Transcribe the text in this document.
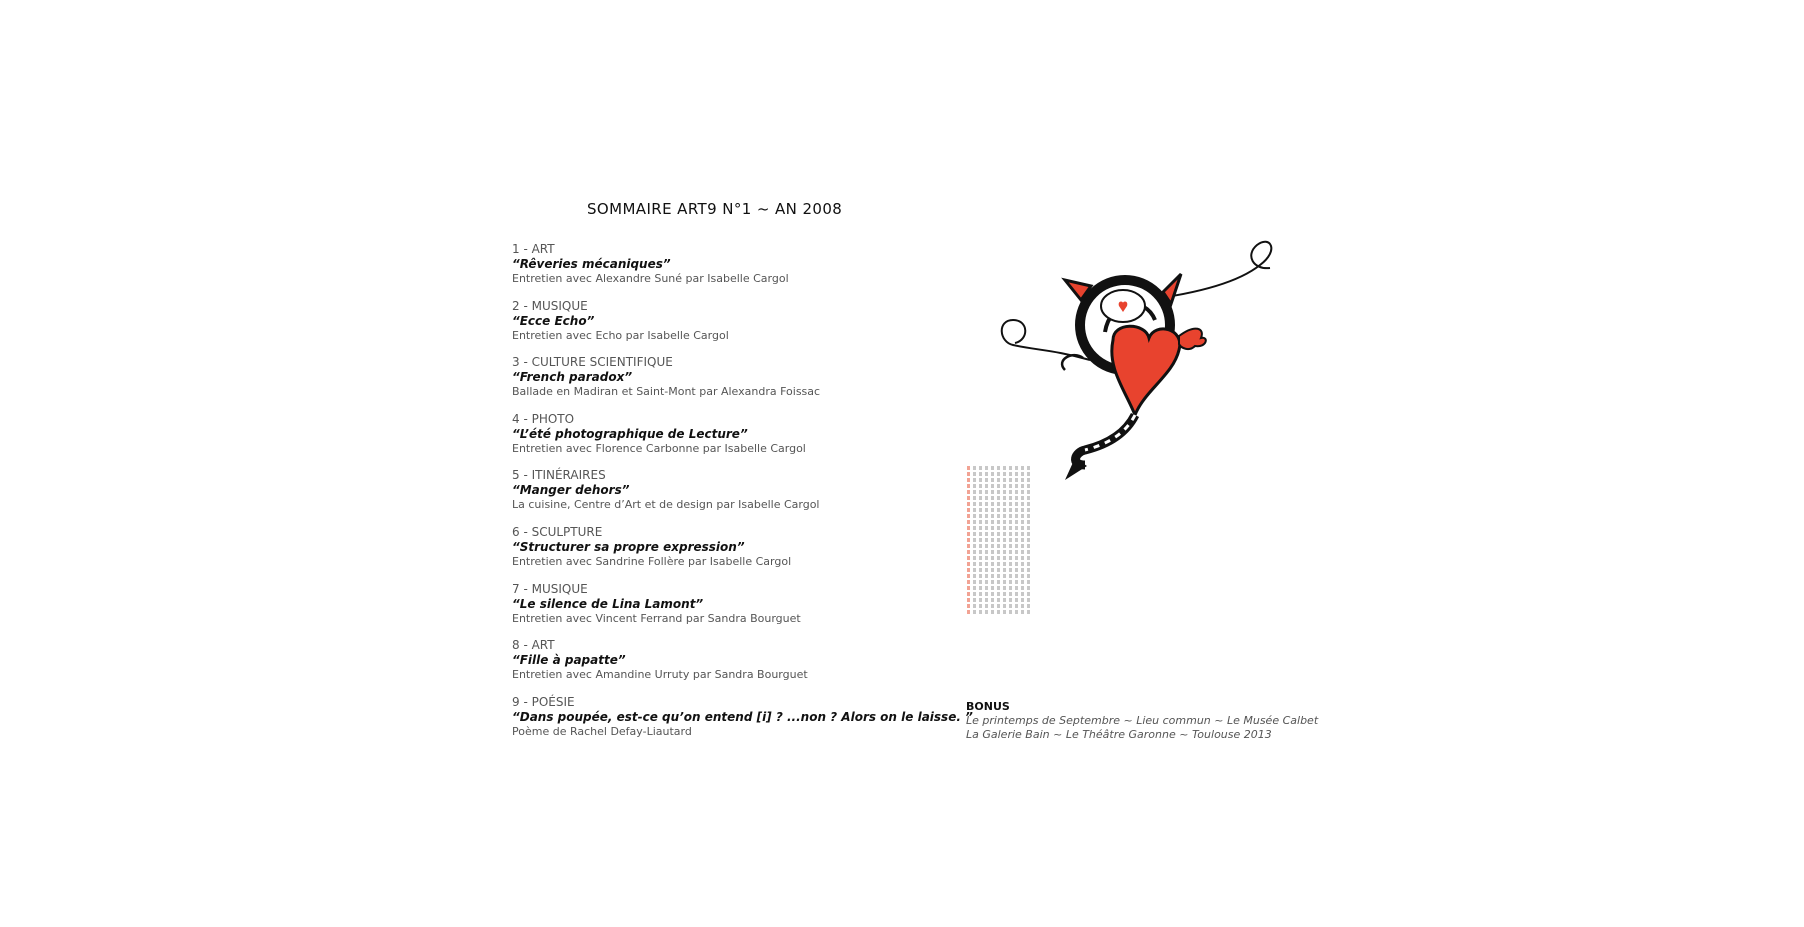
SOMMAIRE ART9 N°1 ~ AN 2008
1 - ART
“Rêveries mécaniques”
Entretien avec Alexandre Suné par Isabelle Cargol
2 - MUSIQUE
“Ecce Echo”
Entretien avec Echo par Isabelle Cargol
3 - CULTURE SCIENTIFIQUE
“French paradox”
Ballade en Madiran et Saint-Mont par Alexandra Foissac
4 - PHOTO
“L’été photographique de Lecture”
Entretien avec Florence Carbonne par Isabelle Cargol
5 - ITINÉRAIRES
“Manger dehors”
La cuisine, Centre d’Art et de design par Isabelle Cargol
6 - SCULPTURE
“Structurer sa propre expression”
Entretien avec Sandrine Follère par Isabelle Cargol
7 - MUSIQUE
“Le silence de Lina Lamont”
Entretien avec Vincent Ferrand par Sandra Bourguet
8 - ART
“Fille à papatte”
Entretien avec Amandine Urruty par Sandra Bourguet
9 - POÉSIE
“Dans poupée, est-ce qu’on entend [i] ? ...non ? Alors on le laisse. ”
Poème de Rachel Defay-Liautard
BONUS
Le printemps de Septembre ~ Lieu commun ~ Le Musée Calbet
La Galerie Bain ~ Le Théâtre Garonne ~ Toulouse 2013
